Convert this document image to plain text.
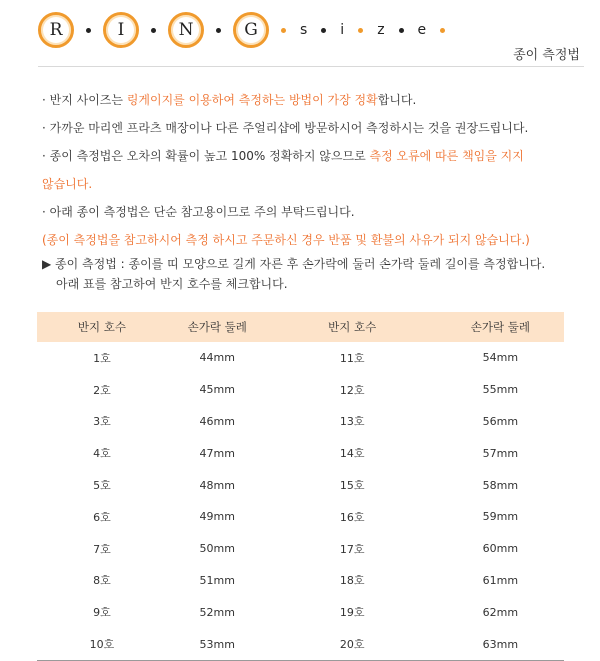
R	I	N	G	s i z e
종이 측정법
· 반지 사이즈는 링게이지를 이용하여 측정하는 방법이 가장 정확합니다.
· 가까운 마리엔 프라츠 매장이나 다른 주얼리샵에 방문하시어 측정하시는 것을 권장드립니다.
· 종이 측정법은 오차의 확률이 높고 100% 정확하지 않으므로 측정 오류에 따른 책임을 지지
않습니다.
· 아래 종이 측정법은 단순 참고용이므로 주의 부탁드립니다.
(종이 측정법을 참고하시어 측정 하시고 주문하신 경우 반품 및 환불의 사유가 되지 않습니다.)
▶ 종이 측정법 : 종이를 띠 모양으로 길게 자른 후 손가락에 둘러 손가락 둘레 길이를 측정합니다.
아래 표를 참고하여 반지 호수를 체크합니다.
반지 호수	손가락 둘레	반지 호수	손가락 둘레
1호	44mm	11호	54mm
2호	45mm	12호	55mm
3호	46mm	13호	56mm
4호	47mm	14호	57mm
5호	48mm	15호	58mm
6호	49mm	16호	59mm
7호	50mm	17호	60mm
8호	51mm	18호	61mm
9호	52mm	19호	62mm
10호	53mm	20호	63mm
